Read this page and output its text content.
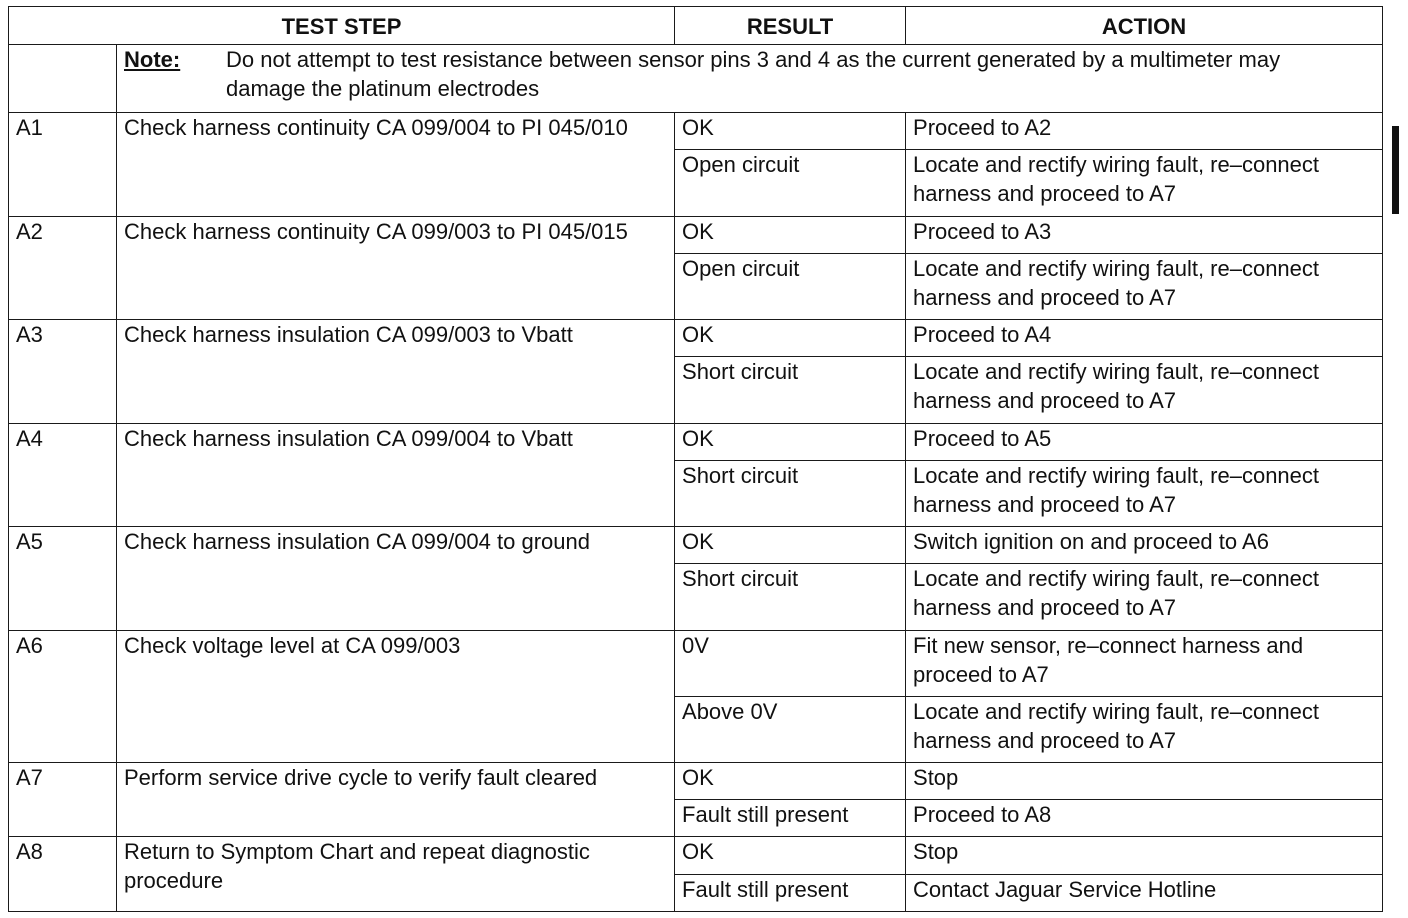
TEST STEP		RESULT	ACTION
	Note: Do not attempt to test resistance between sensor pins 3 and 4 as the current generated by a multimeter may damage the platinum electrodes		
A1	Check harness continuity CA 099/004 to PI 045/010	OK	Proceed to A2
		Open circuit	Locate and rectify wiring fault, re–connect harness and proceed to A7
A2	Check harness continuity CA 099/003 to PI 045/015	OK	Proceed to A3
		Open circuit	Locate and rectify wiring fault, re–connect harness and proceed to A7
A3	Check harness insulation CA 099/003 to Vbatt	OK	Proceed to A4
		Short circuit	Locate and rectify wiring fault, re–connect harness and proceed to A7
A4	Check harness insulation CA 099/004 to Vbatt	OK	Proceed to A5
		Short circuit	Locate and rectify wiring fault, re–connect harness and proceed to A7
A5	Check harness insulation CA 099/004 to ground	OK	Switch ignition on and proceed to A6
		Short circuit	Locate and rectify wiring fault, re–connect harness and proceed to A7
A6	Check voltage level at CA 099/003	0V	Fit new sensor, re–connect harness and proceed to A7
		Above 0V	Locate and rectify wiring fault, re–connect harness and proceed to A7
A7	Perform service drive cycle to verify fault cleared	OK	Stop
		Fault still present	Proceed to A8
A8	Return to Symptom Chart and repeat diagnostic procedure	OK	Stop
		Fault still present	Contact Jaguar Service Hotline
